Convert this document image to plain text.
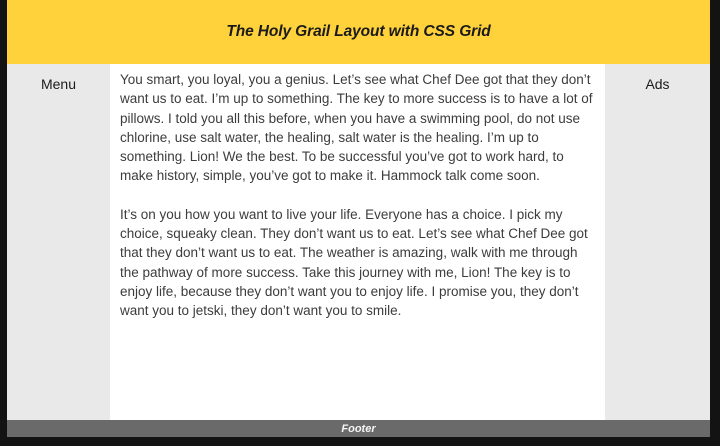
The Holy Grail Layout with CSS Grid
Menu	You smart, you loyal, you a genius. Let’s see what Chef Dee got that they don’t want us to eat. I’m up to something. The key to more success is to have a lot of pillows. I told you all this before, when you have a swimming pool, do not use chlorine, use salt water, the healing, salt water is the healing. I’m up to something. Lion! We the best. To be successful you’ve got to work hard, to make history, simple, you’ve got to make it. Hammock talk come soon.

It’s on you how you want to live your life. Everyone has a choice. I pick my choice, squeaky clean. They don’t want us to eat. Let’s see what Chef Dee got that they don’t want us to eat. The weather is amazing, walk with me through the pathway of more success. Take this journey with me, Lion! The key is to enjoy life, because they don’t want you to enjoy life. I promise you, they don’t want you to jetski, they don’t want you to smile.

Ads
Footer
